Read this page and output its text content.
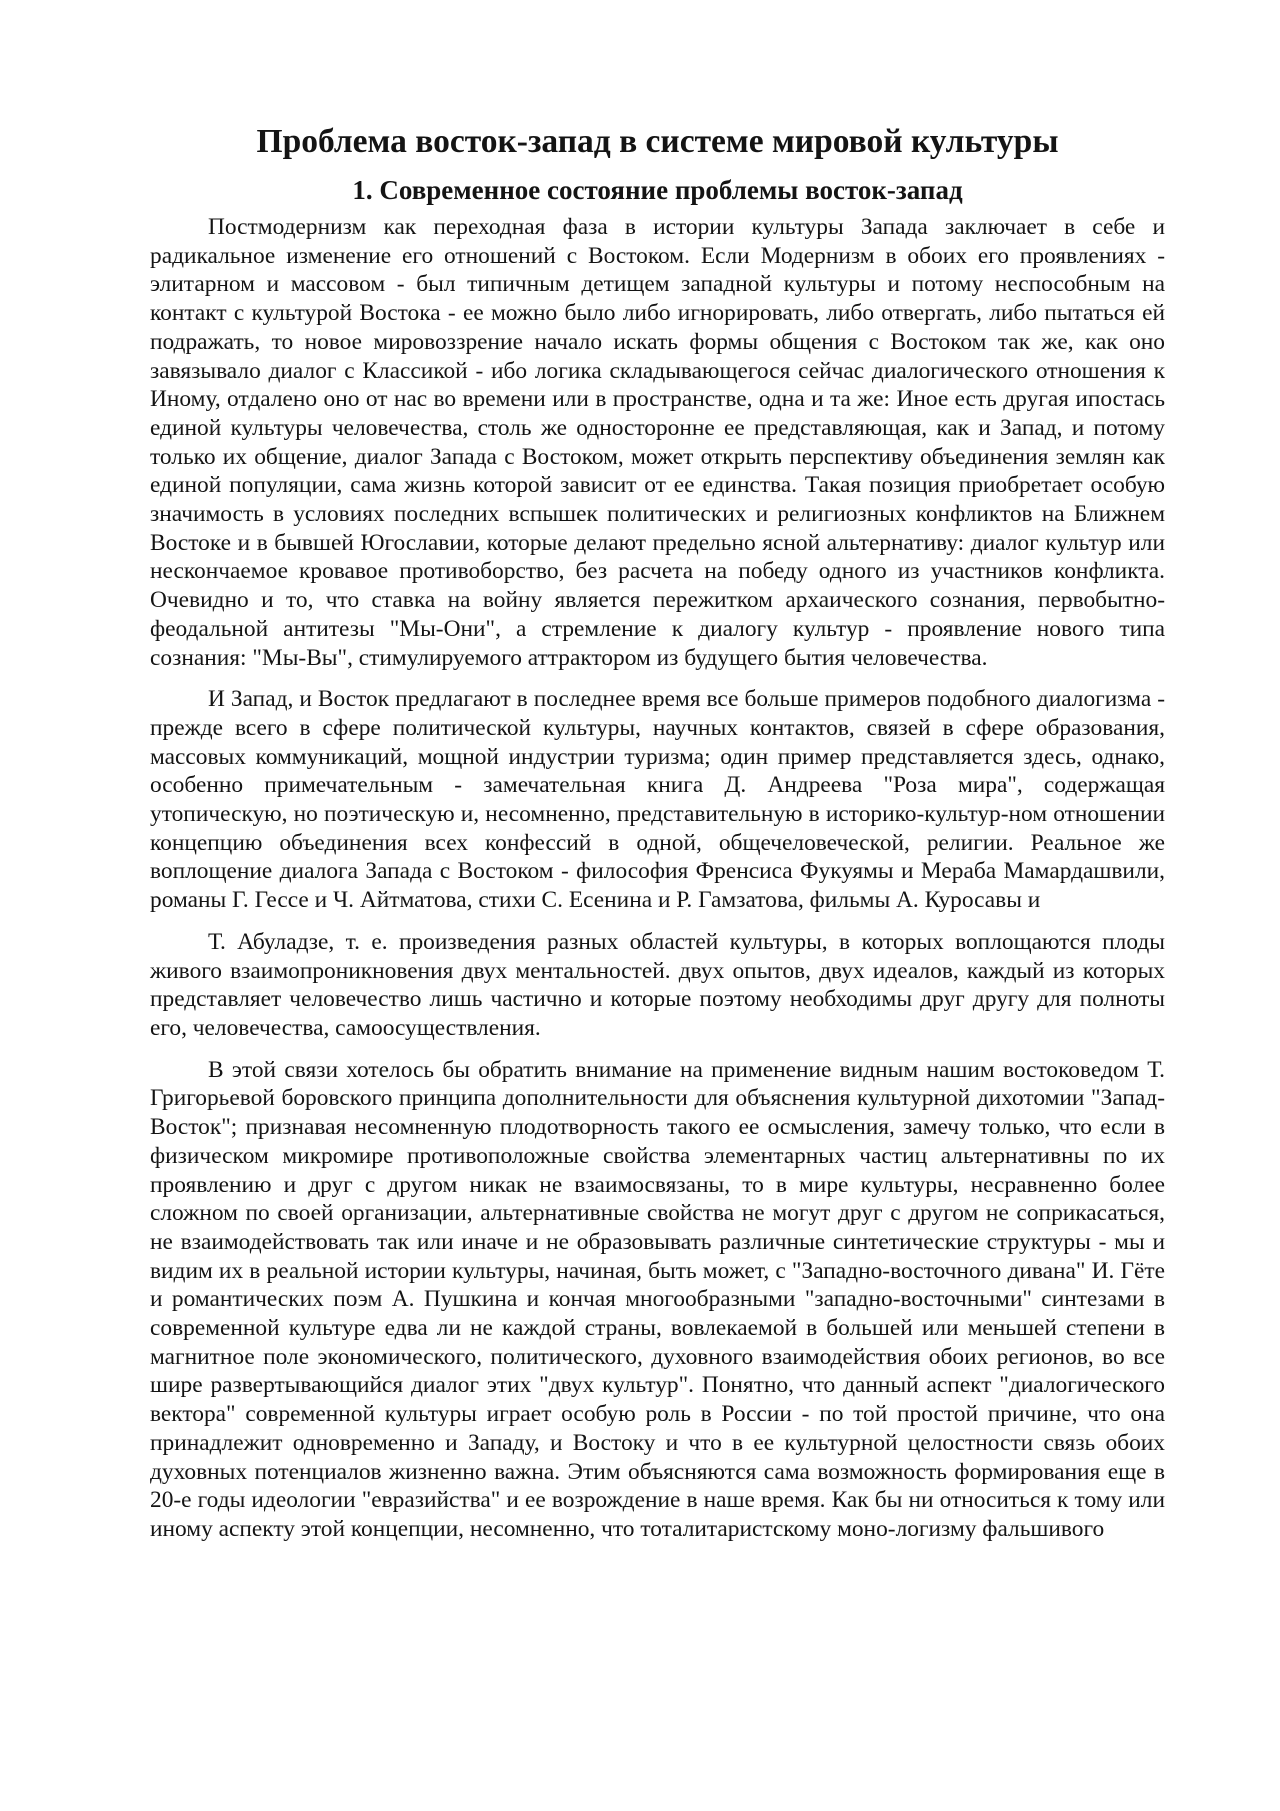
Проблема восток-запад в системе мировой культуры
1. Современное состояние проблемы восток-запад

Постмодернизм как переходная фаза в истории культуры Запада заключает в себе и радикальное изменение его отношений с Востоком. Если Модернизм в обоих его проявлениях - элитарном и массовом - был типичным детищем западной культуры и потому неспособным на контакт с культурой Востока - ее можно было либо игнорировать, либо отвергать, либо пытаться ей подражать, то новое мировоззрение начало искать формы общения с Востоком так же, как оно завязывало диалог с Классикой - ибо логика складывающегося сейчас диалогического отношения к Иному, отдалено оно от нас во времени или в пространстве, одна и та же: Иное есть другая ипостась единой культуры человечества, столь же односторонне ее представляющая, как и Запад, и потому только их общение, диалог Запада с Востоком, может открыть перспективу объединения землян как единой популяции, сама жизнь которой зависит от ее единства. Такая позиция приобретает особую значимость в условиях последних вспышек политических и религиозных конфликтов на Ближнем Востоке и в бывшей Югославии, которые делают предельно ясной альтернативу: диалог культур или нескончаемое кровавое противоборство, без расчета на победу одного из участников конфликта. Очевидно и то, что ставка на войну является пережитком архаического сознания, первобытно-феодальной антитезы "Мы-Они", а стремление к диалогу культур - проявление нового типа сознания: "Мы-Вы", стимулируемого аттрактором из будущего бытия человечества.

И Запад, и Восток предлагают в последнее время все больше примеров подобного диалогизма - прежде всего в сфере политической культуры, научных контактов, связей в сфере образования, массовых коммуникаций, мощной индустрии туризма; один пример представляется здесь, однако, особенно примечательным - замечательная книга Д. Андреева "Роза мира", содержащая утопическую, но поэтическую и, несомненно, представительную в историко-культур-ном отношении концепцию объединения всех конфессий в одной, общечеловеческой, религии. Реальное же воплощение диалога Запада с Востоком - философия Френсиса Фукуямы и Мераба Мамардашвили, романы Г. Гессе и Ч. Айтматова, стихи С. Есенина и Р. Гамзатова, фильмы А. Куросавы и

Т. Абуладзе, т. е. произведения разных областей культуры, в которых воплощаются плоды живого взаимопроникновения двух ментальностей. двух опытов, двух идеалов, каждый из которых представляет человечество лишь частично и которые поэтому необходимы друг другу для полноты его, человечества, самоосуществления.

В этой связи хотелось бы обратить внимание на применение видным нашим востоковедом Т. Григорьевой боровского принципа дополнительности для объяснения культурной дихотомии "Запад-Восток"; признавая несомненную плодотворность такого ее осмысления, замечу только, что если в физическом микромире противоположные свойства элементарных частиц альтернативны по их проявлению и друг с другом никак не взаимосвязаны, то в мире культуры, несравненно более сложном по своей организации, альтернативные свойства не могут друг с другом не соприкасаться, не взаимодействовать так или иначе и не образовывать различные синтетические структуры - мы и видим их в реальной истории культуры, начиная, быть может, с "Западно-восточного дивана" И. Гёте и романтических поэм А. Пушкина и кончая многообразными "западно-восточными" синтезами в современной культуре едва ли не каждой страны, вовлекаемой в большей или меньшей степени в магнитное поле экономического, политического, духовного взаимодействия обоих регионов, во все шире развертывающийся диалог этих "двух культур". Понятно, что данный аспект "диалогического вектора" современной культуры играет особую роль в России - по той простой причине, что она принадлежит одновременно и Западу, и Востоку и что в ее культурной целостности связь обоих духовных потенциалов жизненно важна. Этим объясняются сама возможность формирования еще в 20-е годы идеологии "евразийства" и ее возрождение в наше время. Как бы ни относиться к тому или иному аспекту этой концепции, несомненно, что тоталитаристскому моно-логизму фальшивого
